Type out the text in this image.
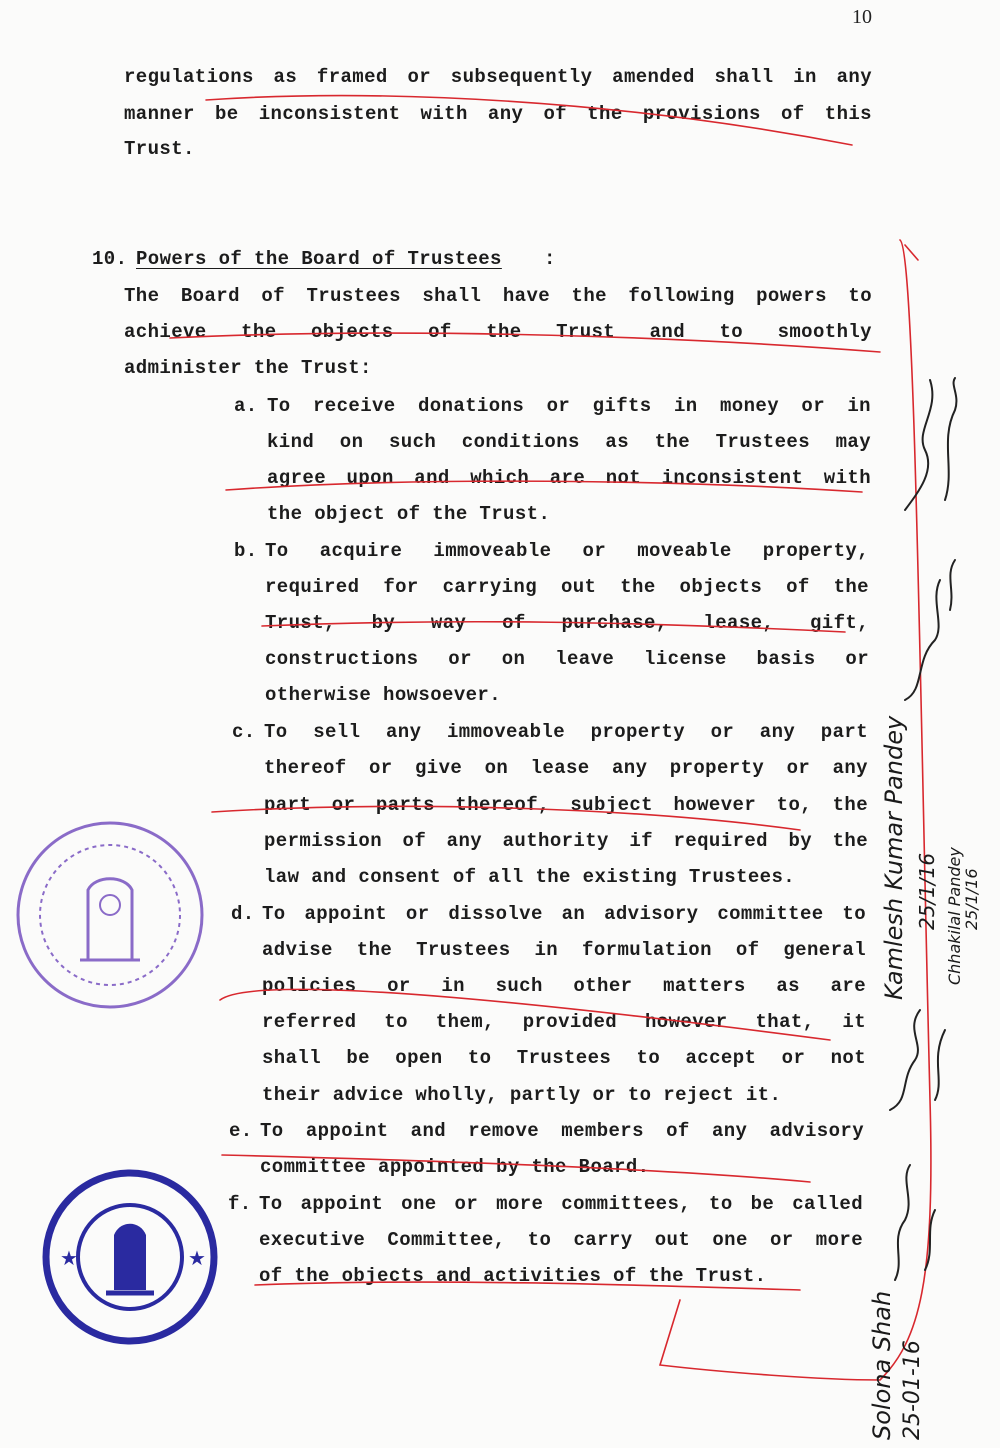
10
regulations as framed or subsequently amended shall in any
manner be inconsistent with any of the provisions of this
Trust.
10. Powers of the Board of Trustees :
The Board of Trustees shall have the following powers to
achieve the objects of the Trust and to smoothly
administer the Trust:
a. To receive donations or gifts in money or in
kind on such conditions as the Trustees may
agree upon and which are not inconsistent with
the object of the Trust.
b. To acquire immoveable or moveable property,
required for carrying out the objects of the
Trust, by way of purchase, lease, gift,
constructions or on leave license basis or
otherwise howsoever.
c. To sell any immoveable property or any part
thereof or give on lease any property or any
part or parts thereof, subject however to, the
permission of any authority if required by the
law and consent of all the existing Trustees.
d. To appoint or dissolve an advisory committee to
advise the Trustees in formulation of general
policies or in such other matters as are
referred to them, provided however that, it
shall be open to Trustees to accept or not
their advice wholly, partly or to reject it.
e. To appoint and remove members of any advisory
committee appointed by the Board.
f. To appoint one or more committees, to be called
executive Committee, to carry out one or more
of the objects and activities of the Trust.
★	★
Kamlesh Kumar Pandey 25/1/16 Chhakilal Pandey
25/1/16
Solona Shah 25-01-16
